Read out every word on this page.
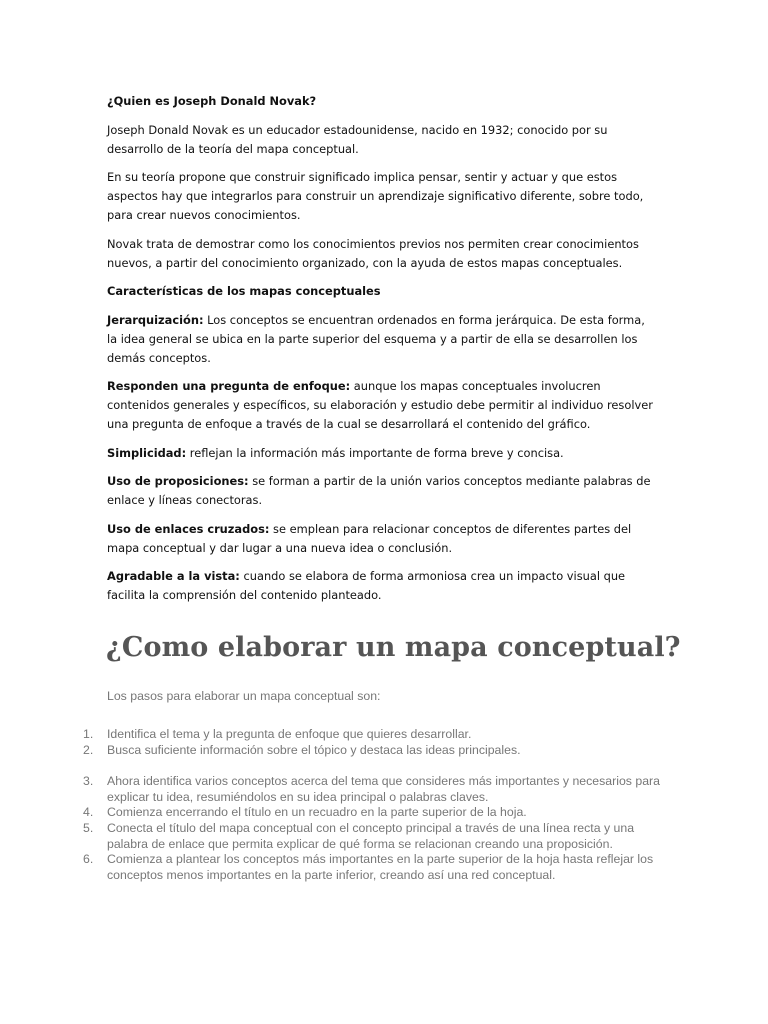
¿Quien es Joseph Donald Novak?

Joseph Donald Novak es un educador estadounidense, nacido en 1932; conocido por su desarrollo de la teoría del mapa conceptual.

En su teoría propone que construir significado implica pensar, sentir y actuar y que estos aspectos hay que integrarlos para construir un aprendizaje significativo diferente, sobre todo, para crear nuevos conocimientos.

Novak trata de demostrar como los conocimientos previos nos permiten crear conocimientos nuevos, a partir del conocimiento organizado, con la ayuda de estos mapas conceptuales.

Características de los mapas conceptuales

Jerarquización: Los conceptos se encuentran ordenados en forma jerárquica. De esta forma, la idea general se ubica en la parte superior del esquema y a partir de ella se desarrollen los demás conceptos.

Responden una pregunta de enfoque: aunque los mapas conceptuales involucren contenidos generales y específicos, su elaboración y estudio debe permitir al individuo resolver una pregunta de enfoque a través de la cual se desarrollará el contenido del gráfico.

Simplicidad: reflejan la información más importante de forma breve y concisa.

Uso de proposiciones: se forman a partir de la unión varios conceptos mediante palabras de enlace y líneas conectoras.

Uso de enlaces cruzados: se emplean para relacionar conceptos de diferentes partes del mapa conceptual y dar lugar a una nueva idea o conclusión.

Agradable a la vista: cuando se elabora de forma armoniosa crea un impacto visual que facilita la comprensión del contenido planteado.

¿Como elaborar un mapa conceptual?

Los pasos para elaborar un mapa conceptual son:

1.	Identifica el tema y la pregunta de enfoque que quieres desarrollar.
2.	Busca suficiente información sobre el tópico y destaca las ideas principales.
3.	Ahora identifica varios conceptos acerca del tema que consideres más importantes y necesarios para explicar tu idea, resumiéndolos en su idea principal o palabras claves.
4.	Comienza encerrando el título en un recuadro en la parte superior de la hoja.
5.	Conecta el título del mapa conceptual con el concepto principal a través de una línea recta y una palabra de enlace que permita explicar de qué forma se relacionan creando una proposición.
6.	Comienza a plantear los conceptos más importantes en la parte superior de la hoja hasta reflejar los conceptos menos importantes en la parte inferior, creando así una red conceptual.
